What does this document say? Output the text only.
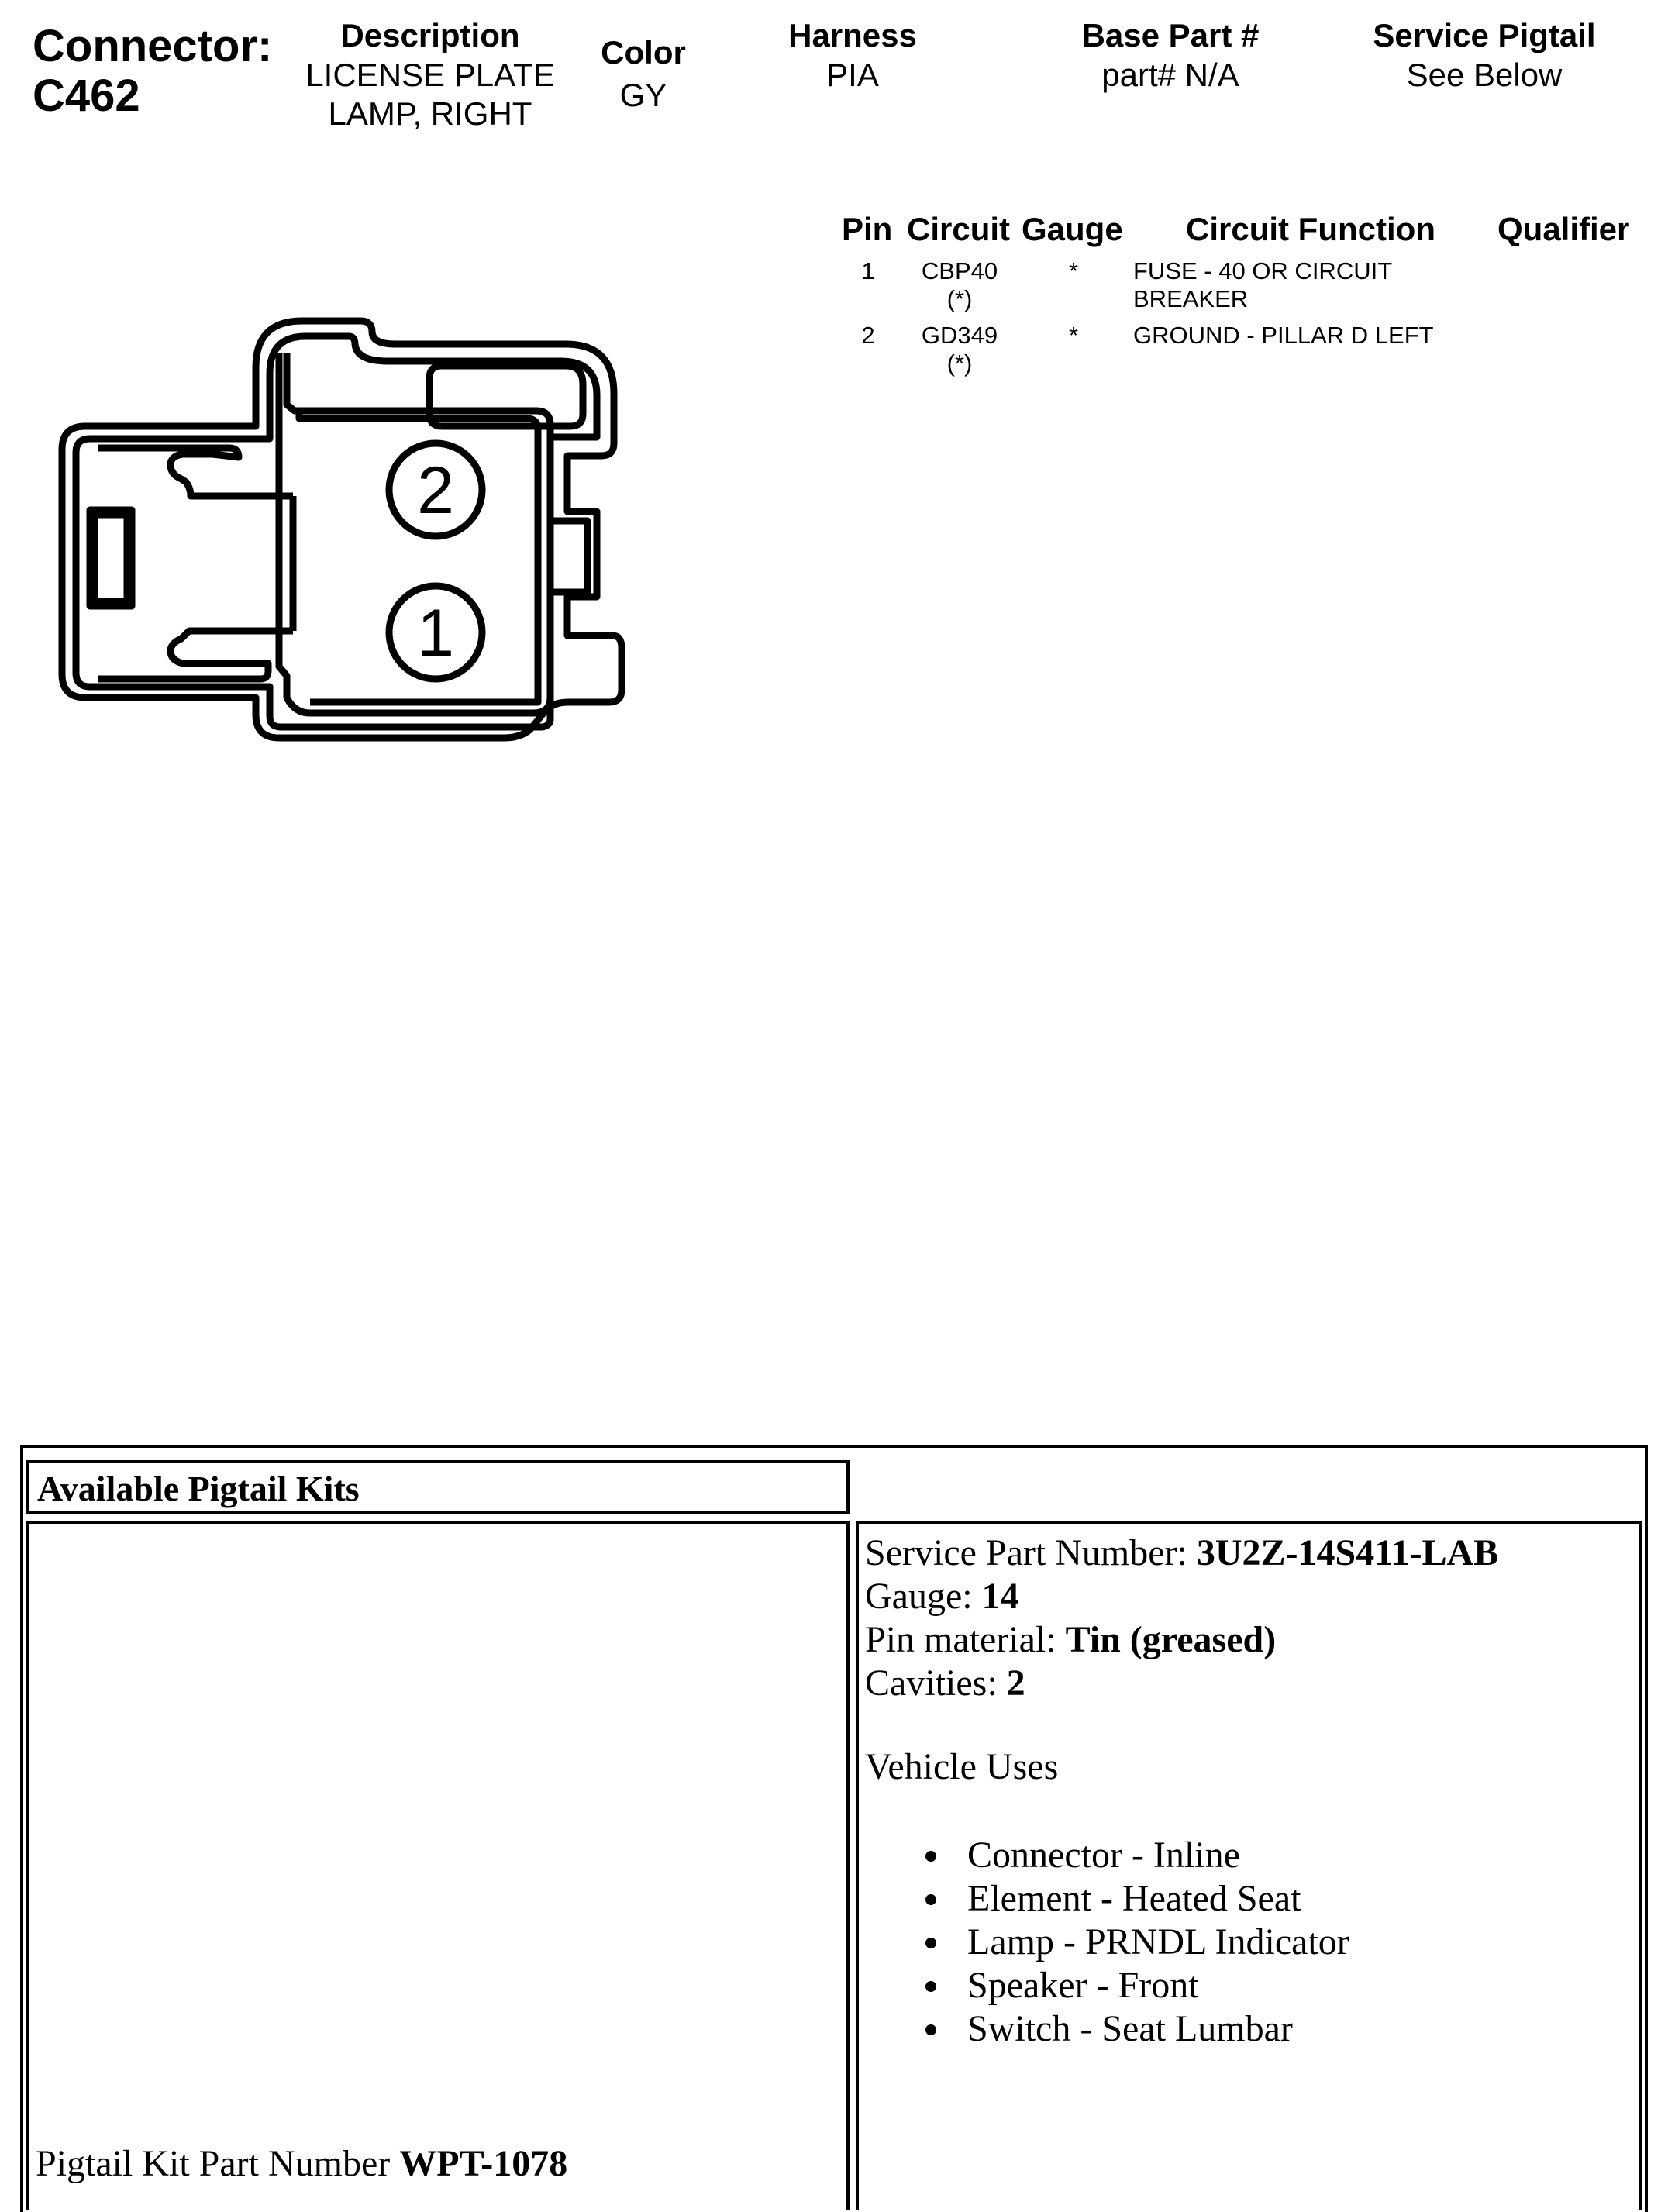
Connector:
C462
Description
LICENSE PLATE
LAMP, RIGHT
Color
GY
Harness
PIA
Base Part #
part# N/A
Service Pigtail
See Below
Pin Circuit Gauge Circuit Function Qualifier
1	CBP40
(*)
* FUSE - 40 OR CIRCUIT
BREAKER
2	GD349
(*)
* GROUND - PILLAR D LEFT
2
1
Available Pigtail Kits
Pigtail Kit Part Number WPT-1078
Service Part Number: 3U2Z-14S411-LAB
Gauge: 14
Pin material: Tin (greased)
Cavities: 2
Vehicle Uses
Connector - Inline
Element - Heated Seat
Lamp - PRNDL Indicator
Speaker - Front
Switch - Seat Lumbar
